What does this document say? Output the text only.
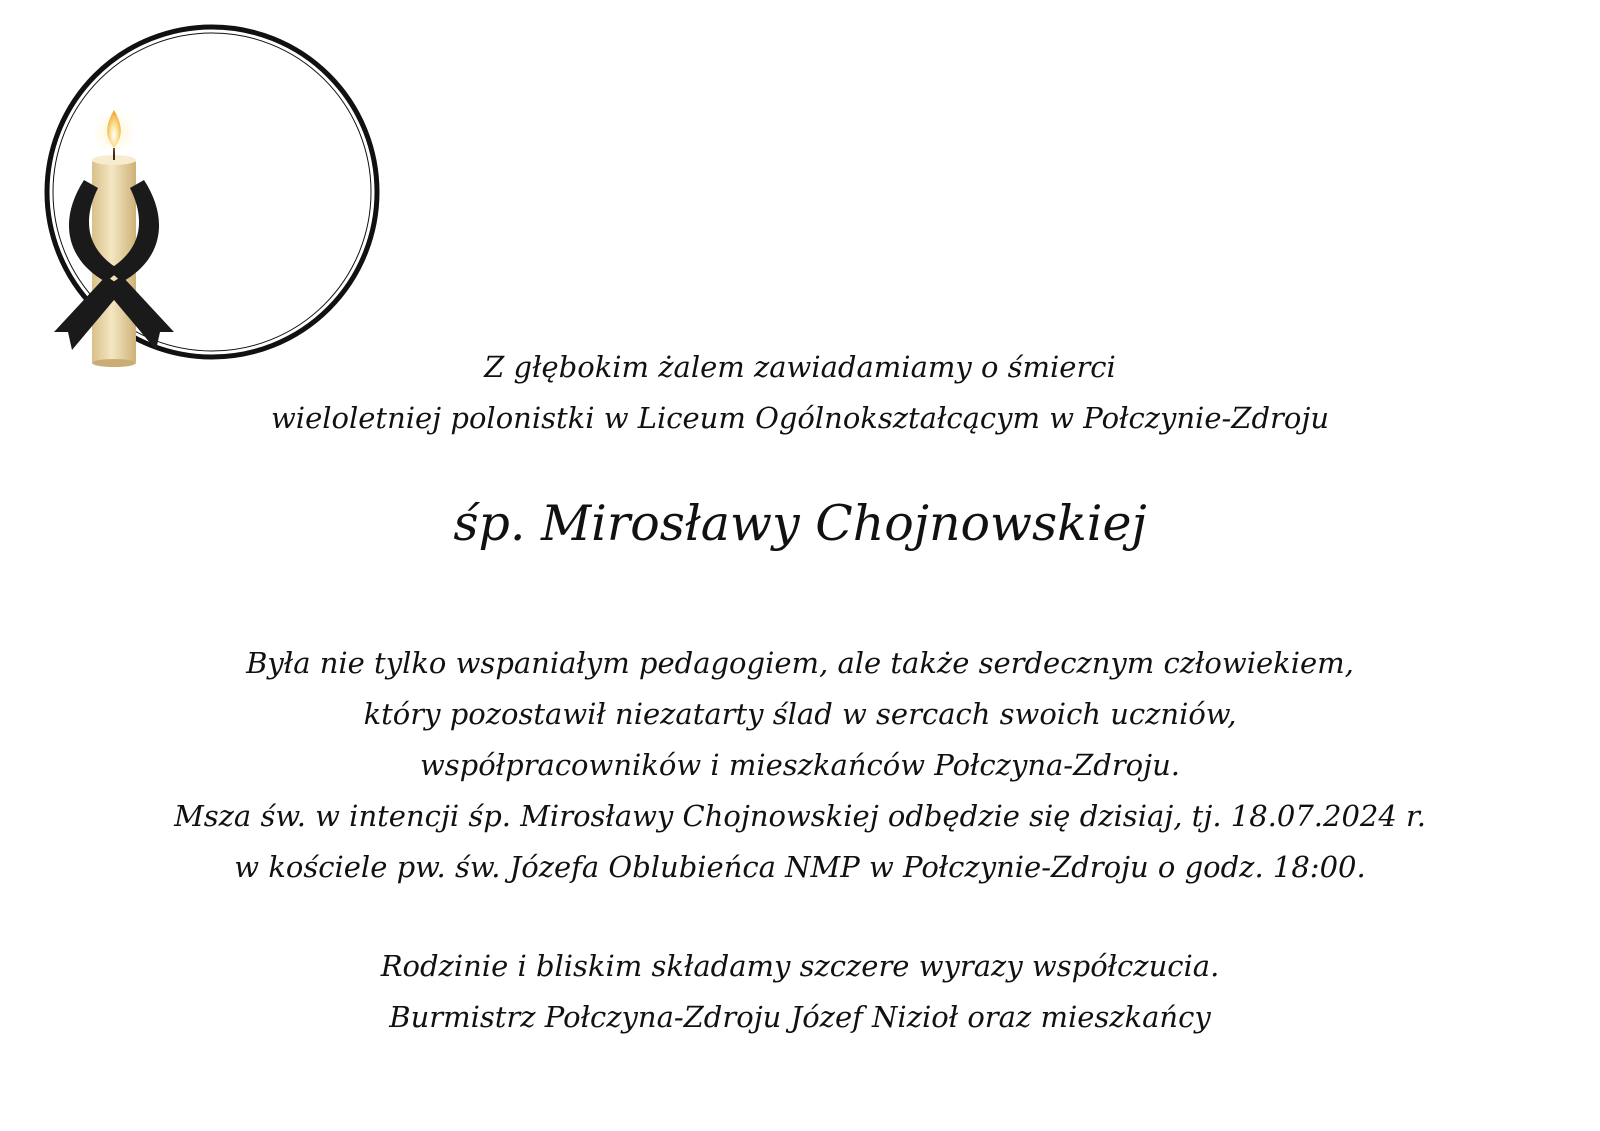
Z głębokim żalem zawiadamiamy o śmierci
wieloletniej polonistki w Liceum Ogólnokształcącym w Połczynie-Zdroju
śp. Mirosławy Chojnowskiej
Była nie tylko wspaniałym pedagogiem, ale także serdecznym człowiekiem,
który pozostawił niezatarty ślad w sercach swoich uczniów,
współpracowników i mieszkańców Połczyna-Zdroju.
Msza św. w intencji śp. Mirosławy Chojnowskiej odbędzie się dzisiaj, tj. 18.07.2024 r.
w kościele pw. św. Józefa Oblubieńca NMP w Połczynie-Zdroju o godz. 18:00.
Rodzinie i bliskim składamy szczere wyrazy współczucia.
Burmistrz Połczyna-Zdroju Józef Nizioł oraz mieszkańcy
